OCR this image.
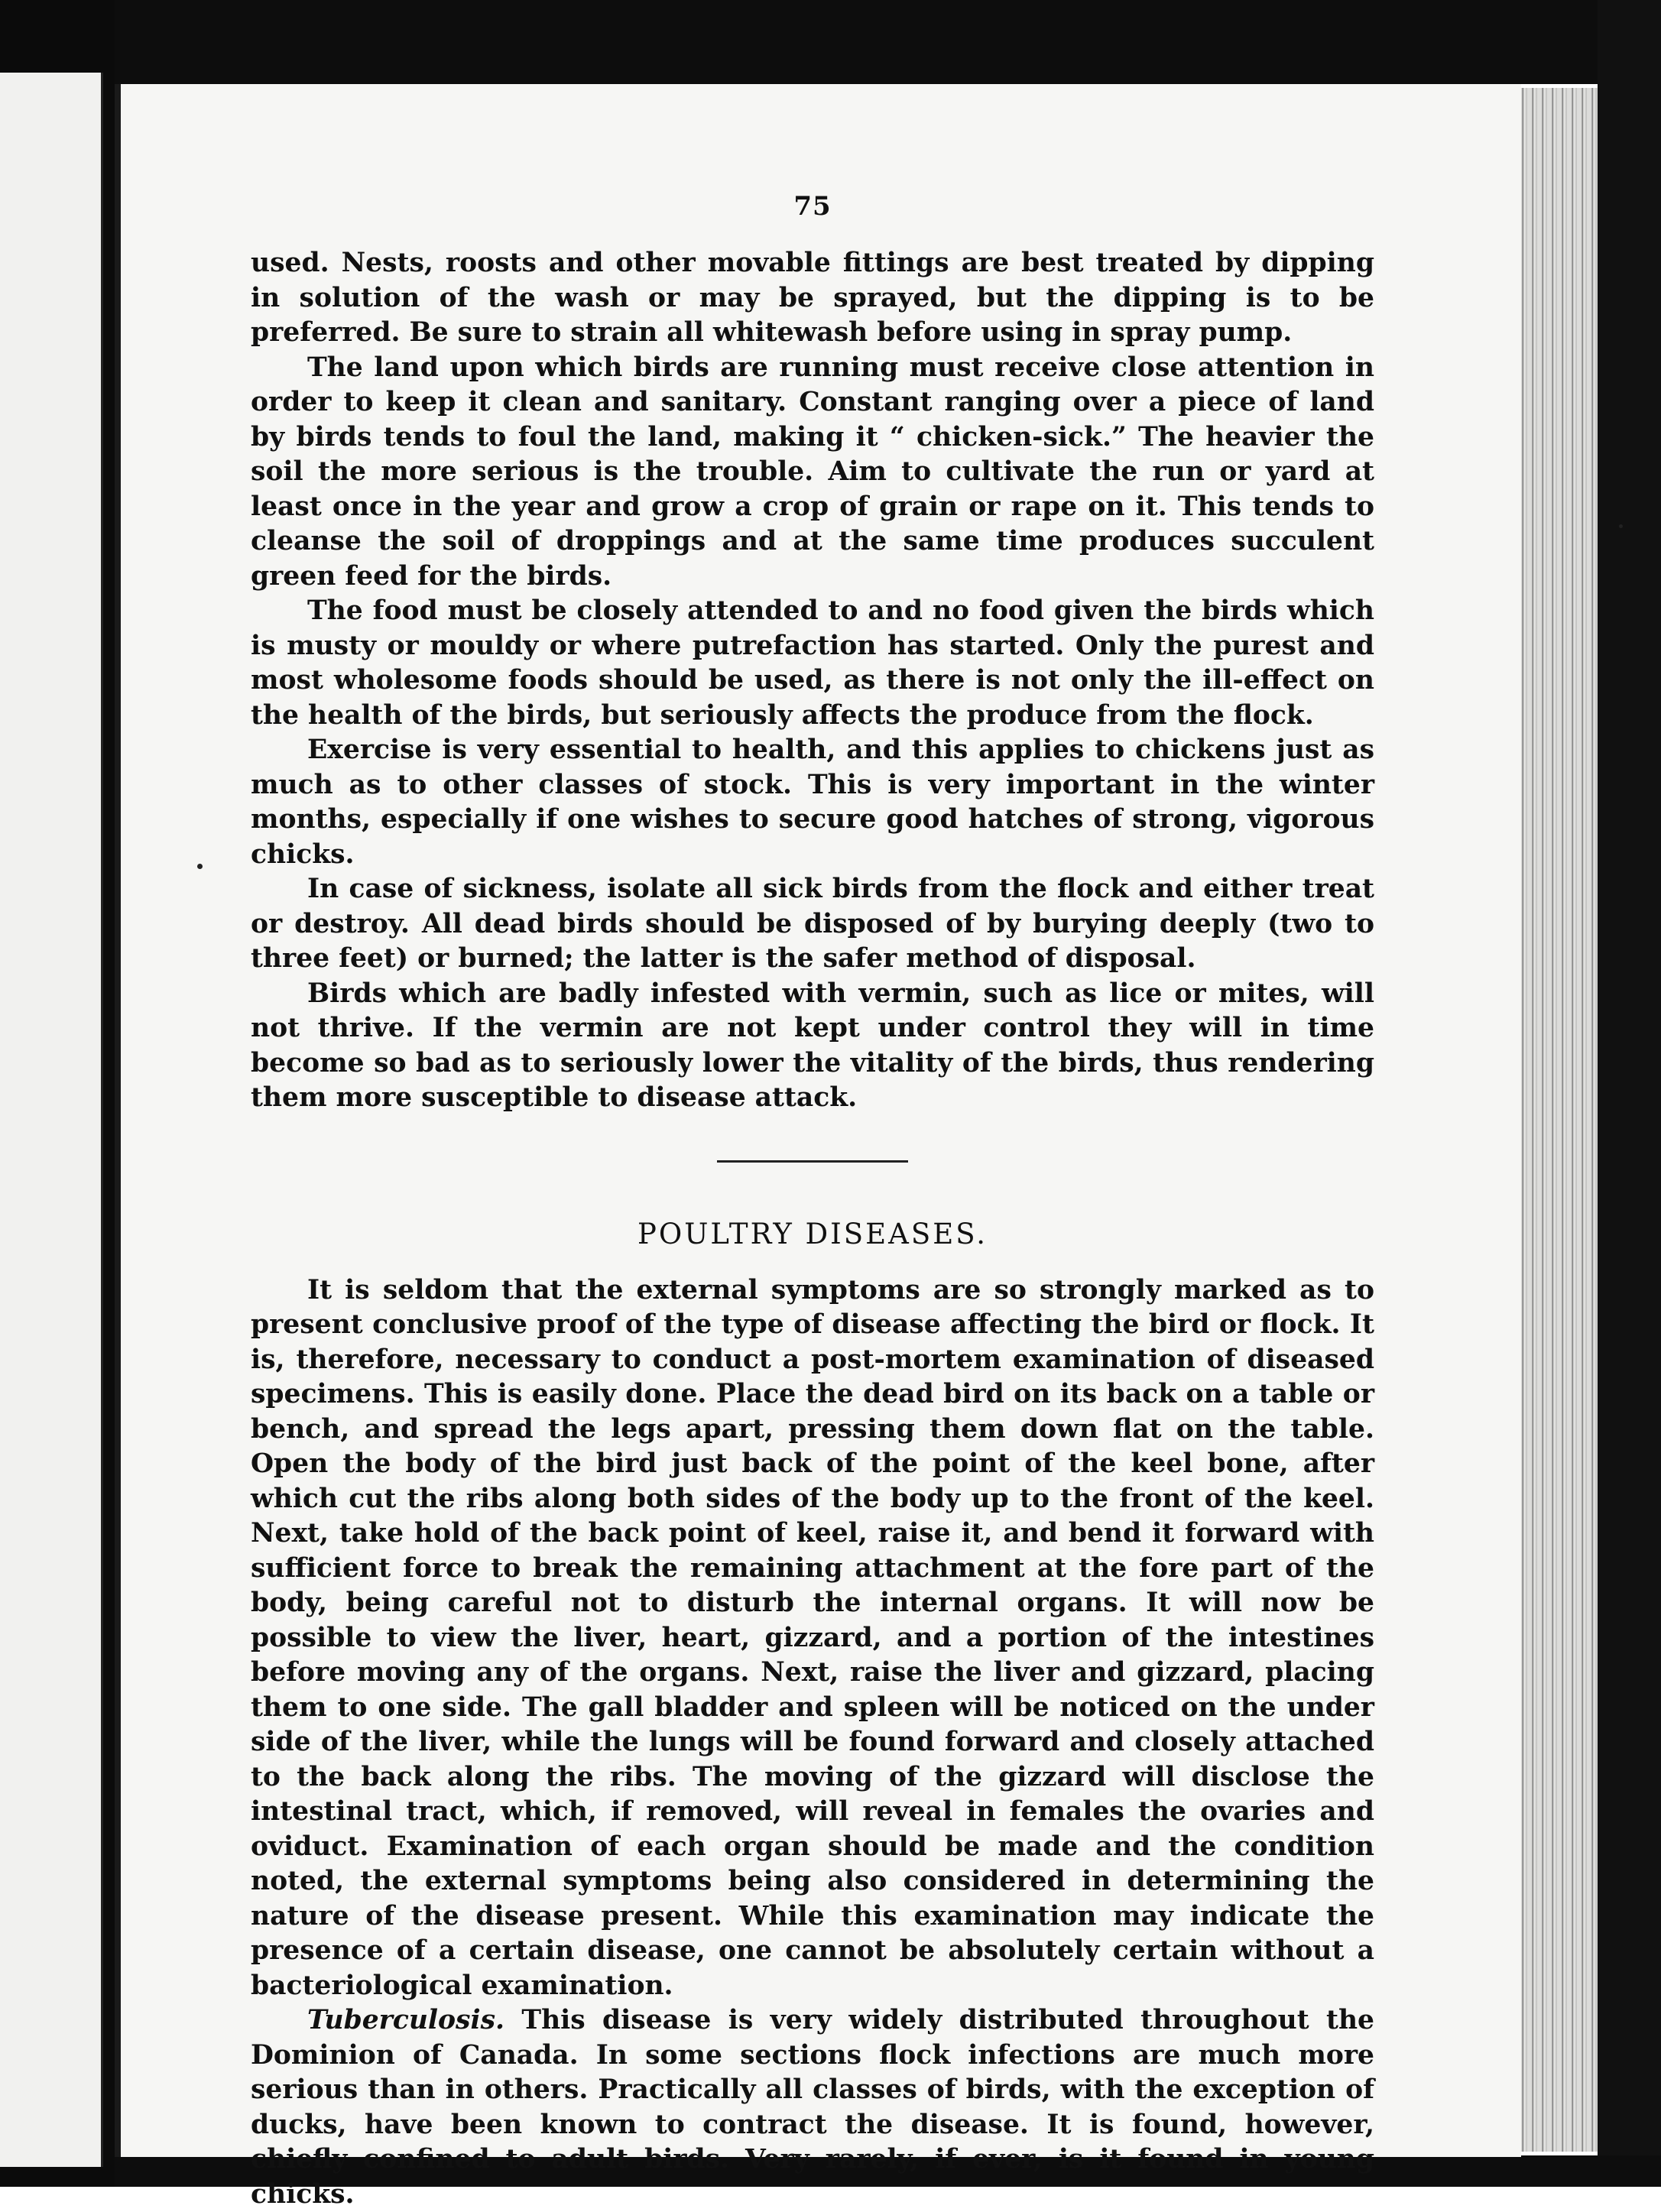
75

used. Nests, roosts and other movable fittings are best treated by dipping in solution of the wash or may be sprayed, but the dipping is to be preferred. Be sure to strain all whitewash before using in spray pump.

The land upon which birds are running must receive close attention in order to keep it clean and sanitary. Constant ranging over a piece of land by birds tends to foul the land, making it “ chicken-sick.” The heavier the soil the more serious is the trouble. Aim to cultivate the run or yard at least once in the year and grow a crop of grain or rape on it. This tends to cleanse the soil of droppings and at the same time produces succulent green feed for the birds.

The food must be closely attended to and no food given the birds which is musty or mouldy or where putrefaction has started. Only the purest and most wholesome foods should be used, as there is not only the ill-effect on the health of the birds, but seriously affects the produce from the flock.

Exercise is very essential to health, and this applies to chickens just as much as to other classes of stock. This is very important in the winter months, especially if one wishes to secure good hatches of strong, vigorous chicks.

In case of sickness, isolate all sick birds from the flock and either treat or destroy. All dead birds should be disposed of by burying deeply (two to three feet) or burned; the latter is the safer method of disposal.

Birds which are badly infested with vermin, such as lice or mites, will not thrive. If the vermin are not kept under control they will in time become so bad as to seriously lower the vitality of the birds, thus rendering them more susceptible to disease attack.

POULTRY DISEASES.

It is seldom that the external symptoms are so strongly marked as to present conclusive proof of the type of disease affecting the bird or flock. It is, therefore, necessary to conduct a post-mortem examination of diseased specimens. This is easily done. Place the dead bird on its back on a table or bench, and spread the legs apart, pressing them down flat on the table. Open the body of the bird just back of the point of the keel bone, after which cut the ribs along both sides of the body up to the front of the keel. Next, take hold of the back point of keel, raise it, and bend it forward with sufficient force to break the remaining attachment at the fore part of the body, being careful not to disturb the internal organs. It will now be possible to view the liver, heart, gizzard, and a portion of the intestines before moving any of the organs. Next, raise the liver and gizzard, placing them to one side. The gall bladder and spleen will be noticed on the under side of the liver, while the lungs will be found forward and closely attached to the back along the ribs. The moving of the gizzard will disclose the intestinal tract, which, if removed, will reveal in females the ovaries and oviduct. Examination of each organ should be made and the condition noted, the external symptoms being also considered in determining the nature of the disease present. While this examination may indicate the presence of a certain disease, one cannot be absolutely certain without a bacteriological examination.

Tuberculosis. This disease is very widely distributed throughout the Dominion of Canada. In some sections flock infections are much more serious than in others. Practically all classes of birds, with the exception of ducks, have been known to contract the disease. It is found, however, chiefly confined to adult birds. Very rarely, if ever, is it found in young chicks.
